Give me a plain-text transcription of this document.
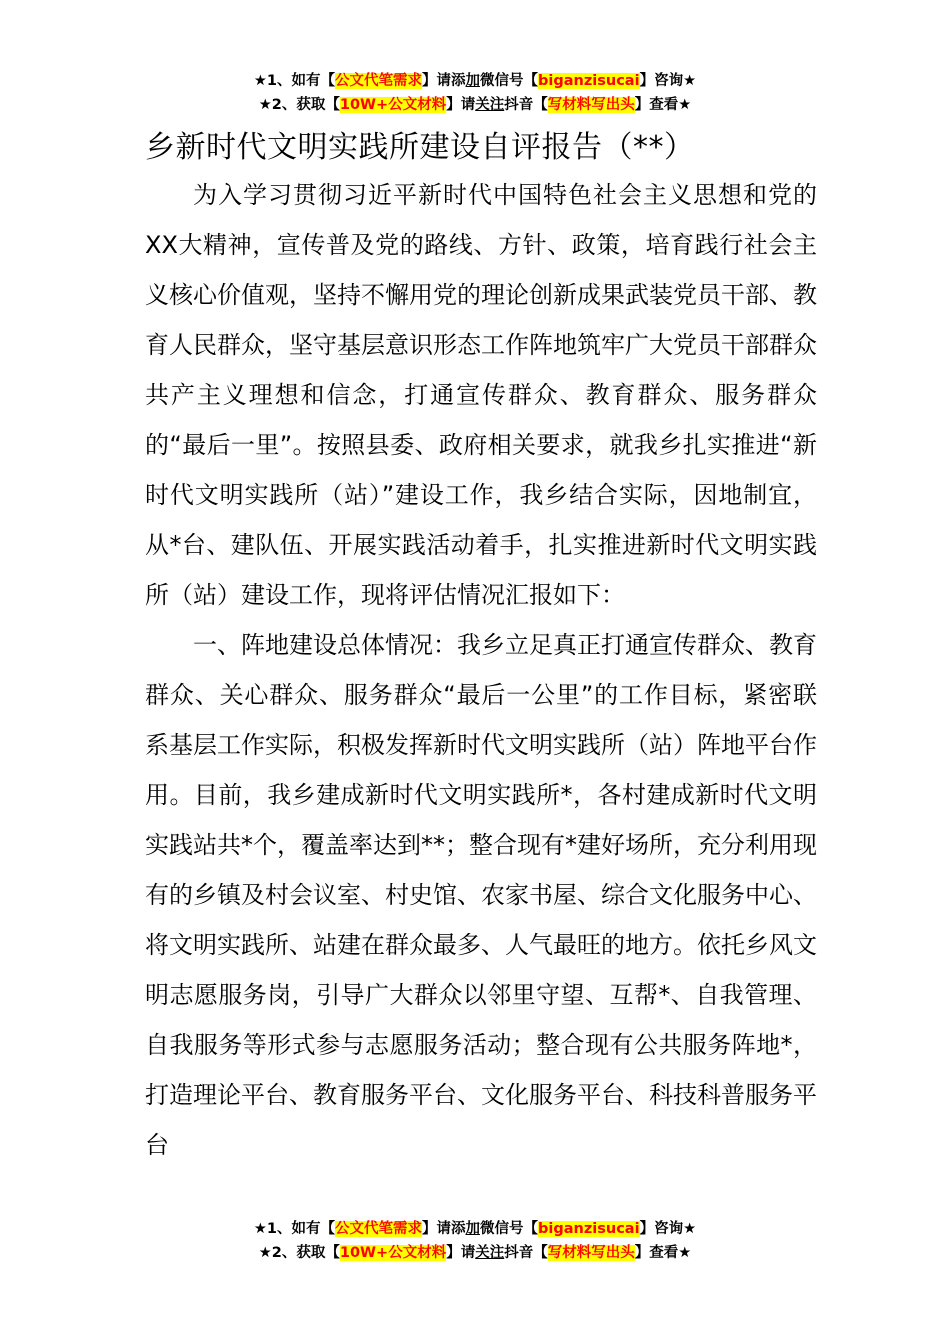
★1、如有【公文代笔需求】请添加微信号【biganzisucai】咨询★
★2、获取【10W+公文材料】请关注抖音【写材料写出头】查看★
乡新时代文明实践所建设自评报告（**）

为入学习贯彻习近平新时代中国特色社会主义思想和党的XX大精神，宣传普及党的路线、方针、政策，培育践行社会主义核心价值观，坚持不懈用党的理论创新成果武装党员干部、教育人民群众，坚守基层意识形态工作阵地筑牢广大党员干部群众共产主义理想和信念，打通宣传群众、教育群众、服务群众的“最后一里”。按照县委、政府相关要求，就我乡扎实推进“新时代文明实践所（站）”建设工作，我乡结合实际，因地制宜，从*台、建队伍、开展实践活动着手，扎实推进新时代文明实践所（站）建设工作，现将评估情况汇报如下：

一、阵地建设总体情况：我乡立足真正打通宣传群众、教育群众、关心群众、服务群众“最后一公里”的工作目标，紧密联系基层工作实际，积极发挥新时代文明实践所（站）阵地平台作用。目前，我乡建成新时代文明实践所*，各村建成新时代文明实践站共*个，覆盖率达到**；整合现有*建好场所，充分利用现有的乡镇及村会议室、村史馆、农家书屋、综合文化服务中心、将文明实践所、站建在群众最多、人气最旺的地方。依托乡风文明志愿服务岗，引导广大群众以邻里守望、互帮*、自我管理、自我服务等形式参与志愿服务活动；整合现有公共服务阵地*，打造理论平台、教育服务平台、文化服务平台、科技科普服务平台

★1、如有【公文代笔需求】请添加微信号【biganzisucai】咨询★
★2、获取【10W+公文材料】请关注抖音【写材料写出头】查看★
